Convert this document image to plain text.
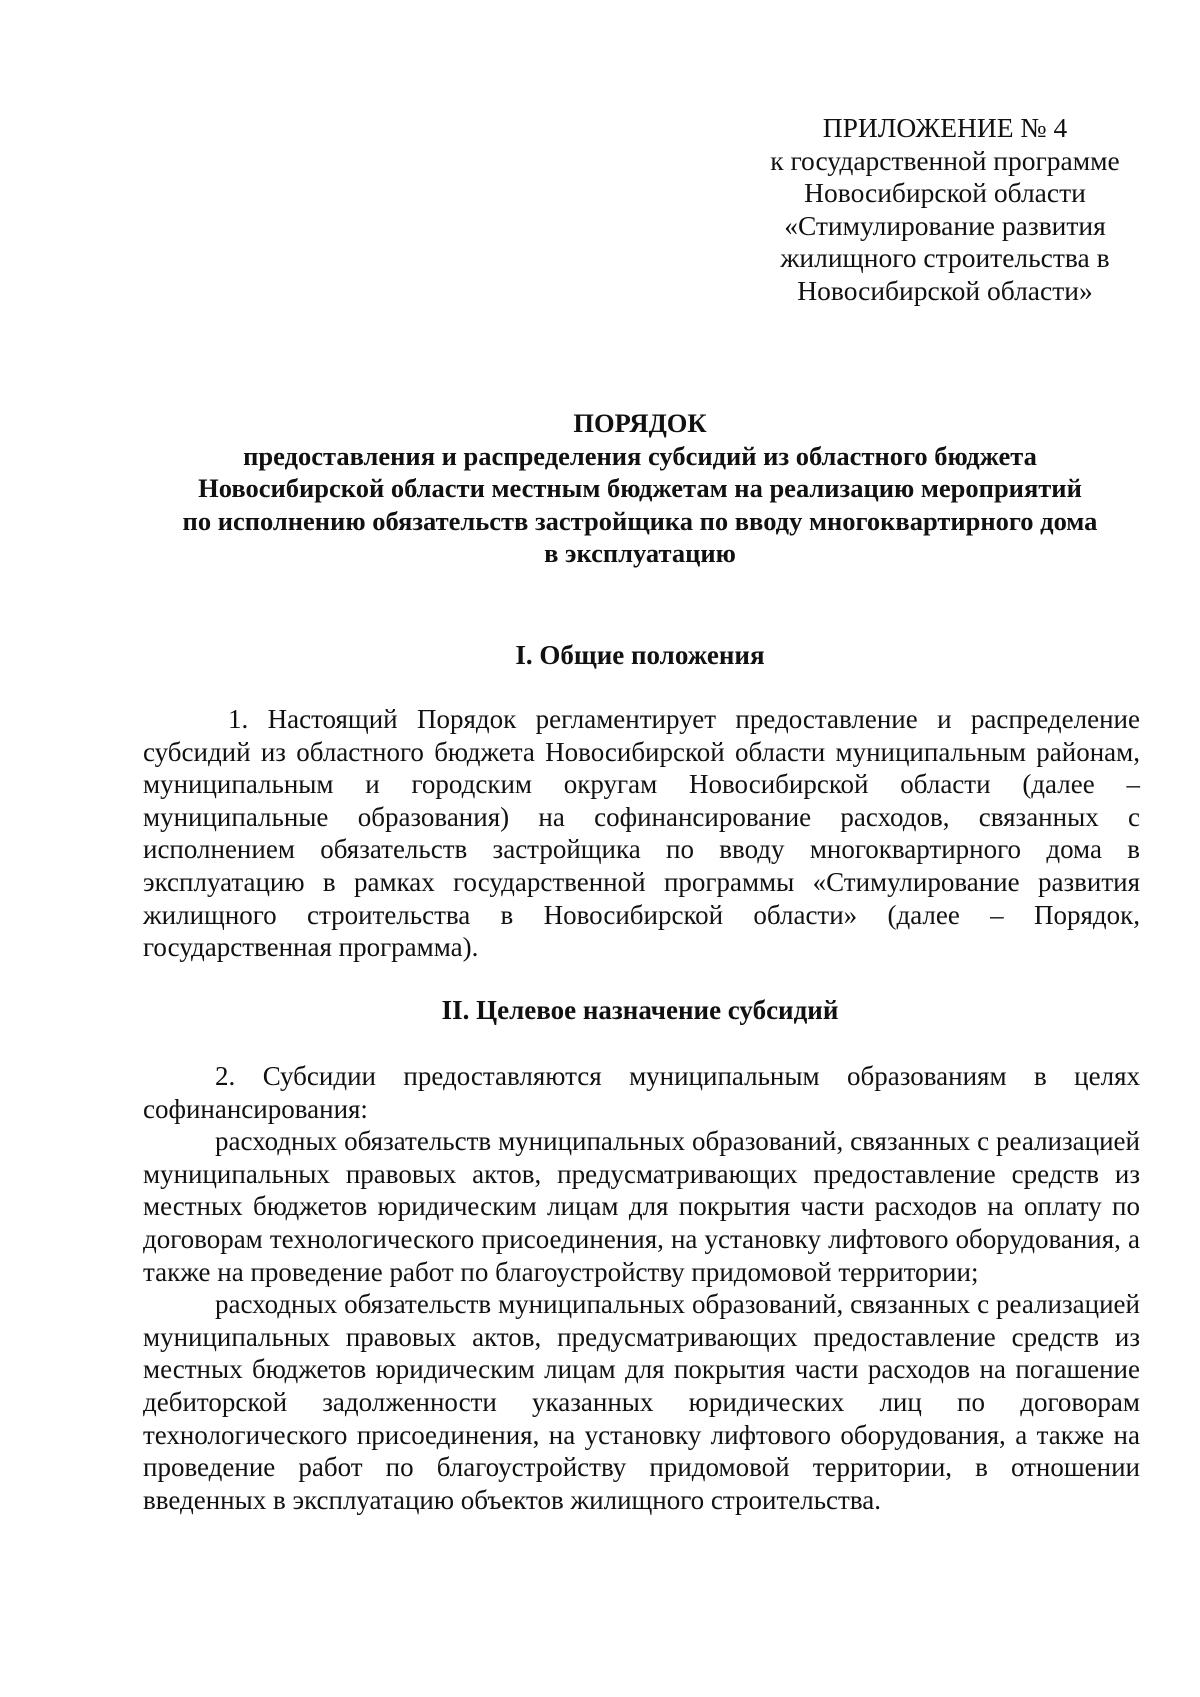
ПРИЛОЖЕНИЕ № 4
к государственной программе
Новосибирской области
«Стимулирование развития
жилищного строительства в
Новосибирской области»
ПОРЯДОК
предоставления и распределения субсидий из областного бюджета
Новосибирской области местным бюджетам на реализацию мероприятий
по исполнению обязательств застройщика по вводу многоквартирного дома
в эксплуатацию
I. Общие положения

1. Настоящий Порядок регламентирует предоставление и распределение субсидий из областного бюджета Новосибирской области муниципальным районам, муниципальным и городским округам Новосибирской области (далее – муниципальные образования) на софинансирование расходов, связанных с исполнением обязательств застройщика по вводу многоквартирного дома в эксплуатацию в рамках государственной программы «Стимулирование развития жилищного строительства в Новосибирской области» (далее – Порядок, государственная программа).

II. Целевое назначение субсидий

2. Субсидии предоставляются муниципальным образованиям в целях софинансирования:

расходных обязательств муниципальных образований, связанных с реализацией муниципальных правовых актов, предусматривающих предоставление средств из местных бюджетов юридическим лицам для покрытия части расходов на оплату по договорам технологического присоединения, на установку лифтового оборудования, а также на проведение работ по благоустройству придомовой территории;

расходных обязательств муниципальных образований, связанных с реализацией муниципальных правовых актов, предусматривающих предоставление средств из местных бюджетов юридическим лицам для покрытия части расходов на погашение дебиторской задолженности указанных юридических лиц по договорам технологического присоединения, на установку лифтового оборудования, а также на проведение работ по благоустройству придомовой территории, в отношении введенных в эксплуатацию объектов жилищного строительства.
